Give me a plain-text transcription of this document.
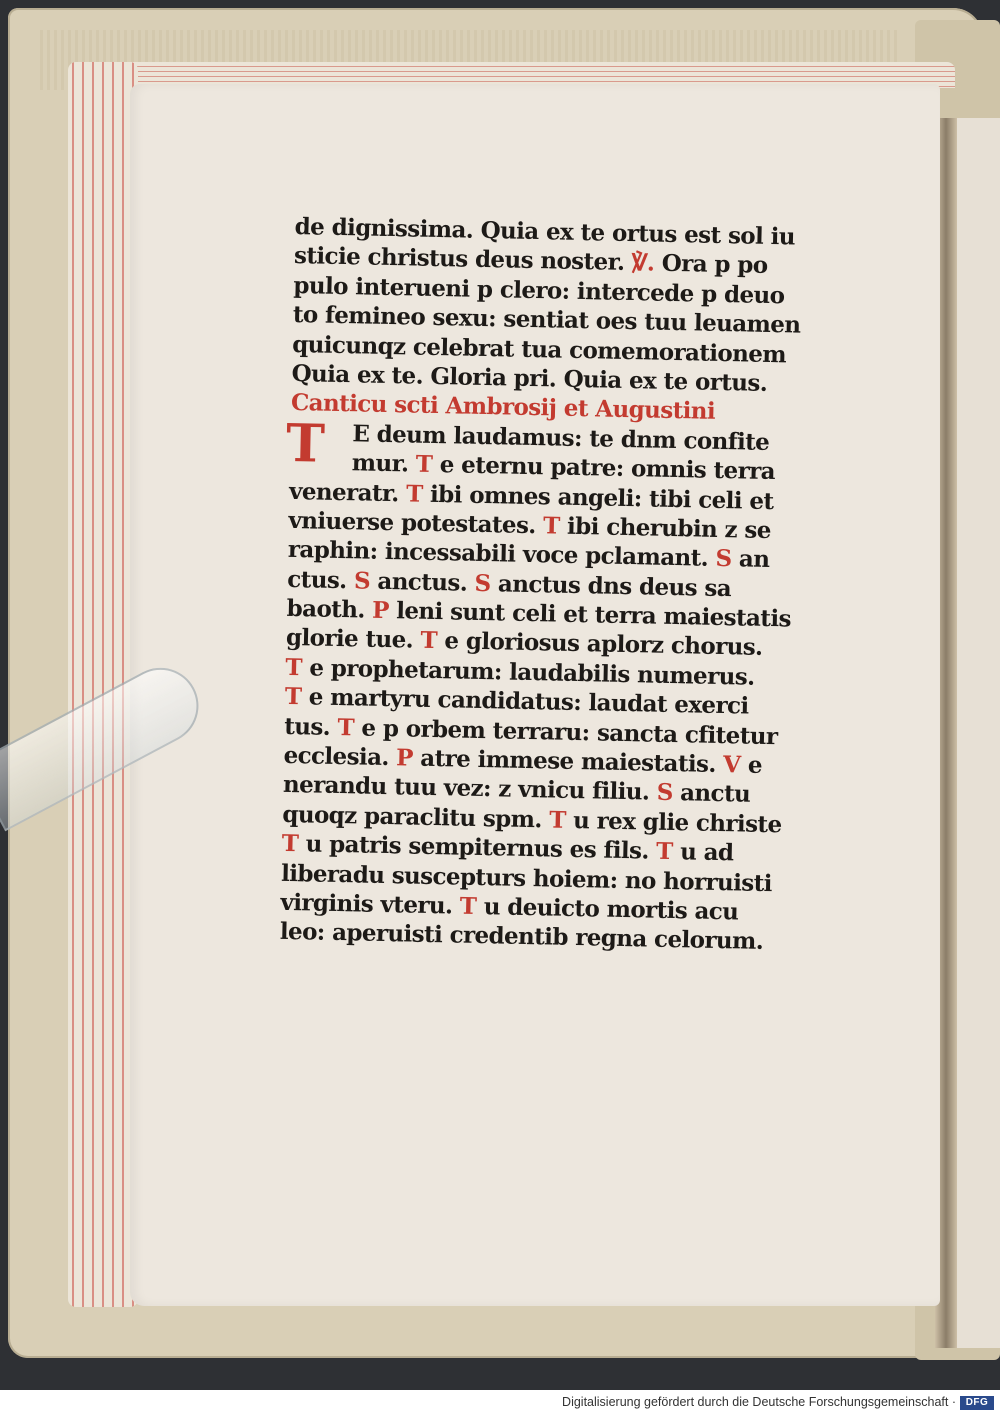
de dignissima. Quia ex te ortus est sol iu
sticie christus deus noster. ℣. Ora p po
pulo interueni p clero: intercede p deuo
to femineo sexu: sentiat oes tuu leuamen
quicunqz celebrat tua comemorationem
Quia ex te. Gloria pri. Quia ex te ortus.
Canticu scti Ambrosij et Augustini
T E deum laudamus: te dnm confite
mur. T e eternu patre: omnis terra
veneratr. T ibi omnes angeli: tibi celi et
vniuerse potestates. T ibi cherubin z se
raphin: incessabili voce pclamant. S an
ctus. S anctus. S anctus dns deus sa
baoth. P leni sunt celi et terra maiestatis
glorie tue. T e gloriosus aplorz chorus.
T e prophetarum: laudabilis numerus.
T e martyru candidatus: laudat exerci
tus. T e p orbem terraru: sancta cfitetur
ecclesia. P atre immese maiestatis. V e
nerandu tuu vez: z vnicu filiu. S anctu
quoqz paraclitu spm. T u rex glie christe
T u patris sempiternus es fils. T u ad
liberadu suscepturs hoiem: no horruisti
virginis vteru. T u deuicto mortis acu
leo: aperuisti credentib regna celorum.
Digitalisierung gefördert durch die Deutsche Forschungsgemeinschaft · DFG
